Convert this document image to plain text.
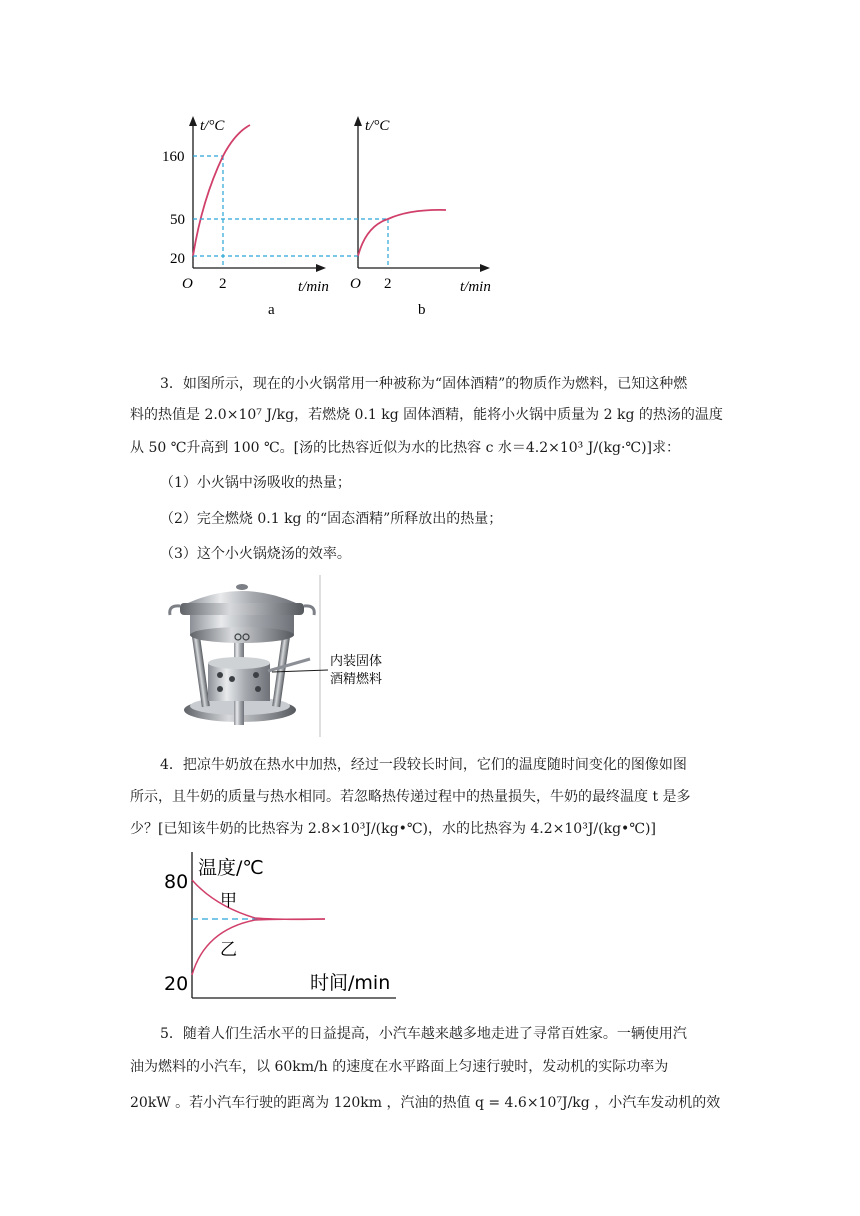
t/°C
160
20
O 2	t/min
a
t/°C
O 2	t/min
b
50
3．如图所示，现在的小火锅常用一种被称为“固体酒精”的物质作为燃料，已知这种燃
料的热值是 2.0×10⁷ J/kg，若燃烧 0.1 kg 固体酒精，能将小火锅中质量为 2 kg 的热汤的温度
从 50 ℃升高到 100 ℃。[汤的比热容近似为水的比热容 c 水＝4.2×10³ J/(kg·℃)]求：
（1）小火锅中汤吸收的热量；
（2）完全燃烧 0.1 kg 的“固态酒精”所释放出的热量；
（3）这个小火锅烧汤的效率。
内装固体
酒精燃料
4．把凉牛奶放在热水中加热，经过一段较长时间，它们的温度随时间变化的图像如图
所示，且牛奶的质量与热水相同。若忽略热传递过程中的热量损失，牛奶的最终温度 t 是多
少？[已知该牛奶的比热容为 2.8×10³J/(kg•℃)，水的比热容为 4.2×10³J/(kg•℃)]
温度/℃
80
20
甲
乙
时间/min
5．随着人们生活水平的日益提高，小汽车越来越多地走进了寻常百姓家。一辆使用汽
油为燃料的小汽车，以 60km/h 的速度在水平路面上匀速行驶时，发动机的实际功率为
20kW 。若小汽车行驶的距离为 120km ，汽油的热值 q = 4.6×10⁷J/kg ，小汽车发动机的效
